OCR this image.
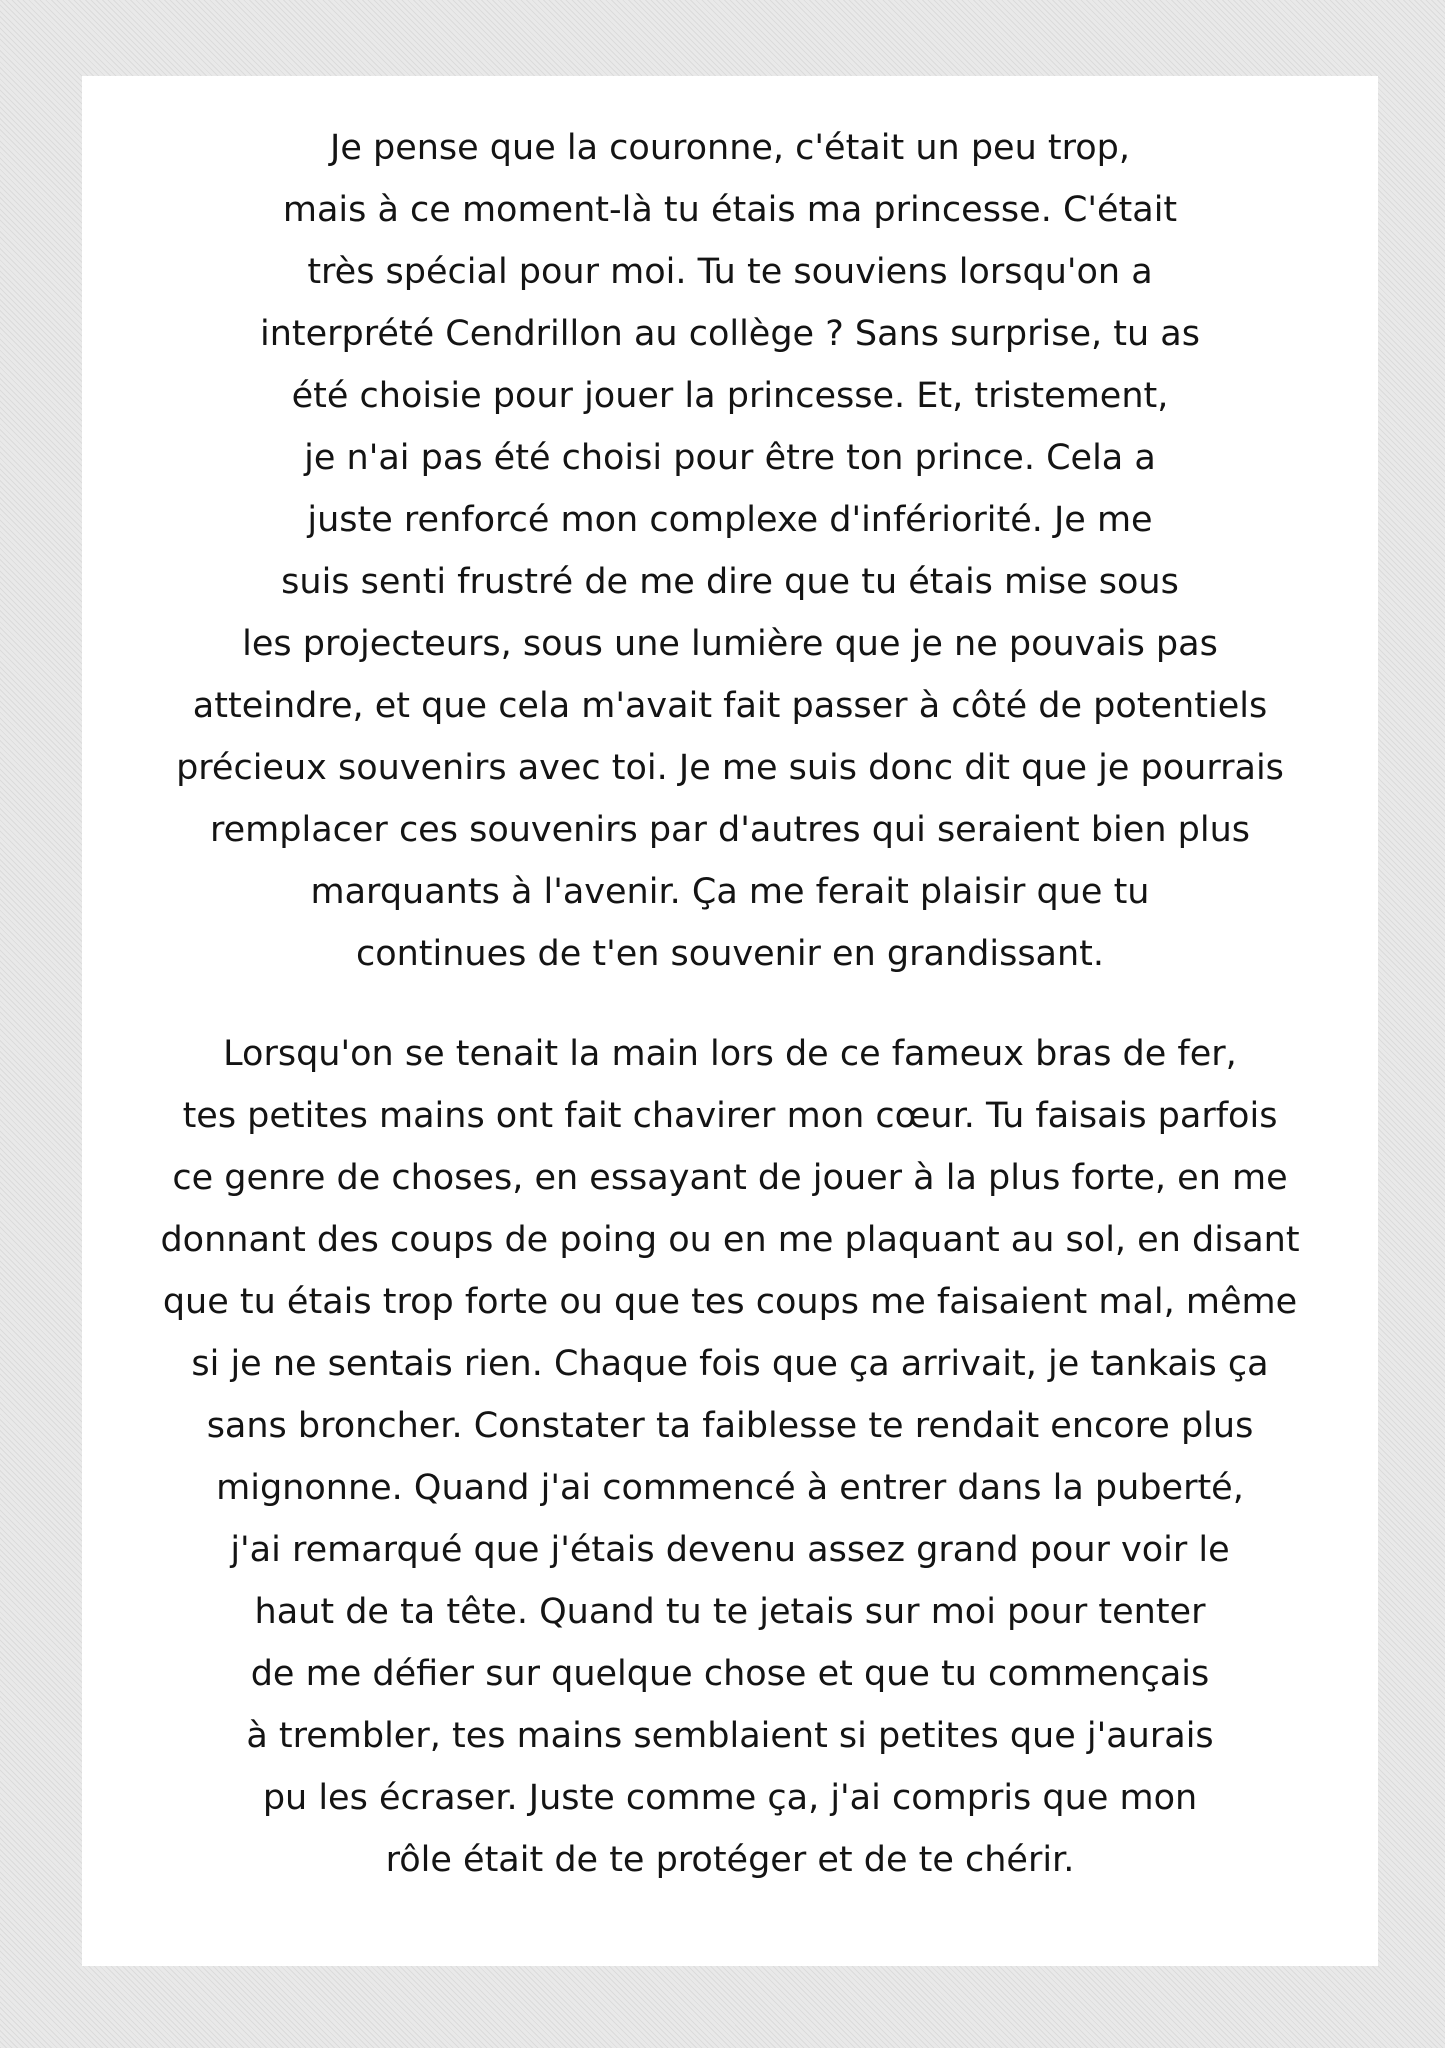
Je pense que la couronne, c'était un peu trop,
mais à ce moment-là tu étais ma princesse. C'était
très spécial pour moi. Tu te souviens lorsqu'on a
interprété Cendrillon au collège ? Sans surprise, tu as
été choisie pour jouer la princesse. Et, tristement,
je n'ai pas été choisi pour être ton prince. Cela a
juste renforcé mon complexe d'infériorité. Je me
suis senti frustré de me dire que tu étais mise sous
les projecteurs, sous une lumière que je ne pouvais pas
atteindre, et que cela m'avait fait passer à côté de potentiels
précieux souvenirs avec toi. Je me suis donc dit que je pourrais
remplacer ces souvenirs par d'autres qui seraient bien plus
marquants à l'avenir. Ça me ferait plaisir que tu
continues de t'en souvenir en grandissant.

Lorsqu'on se tenait la main lors de ce fameux bras de fer,
tes petites mains ont fait chavirer mon cœur. Tu faisais parfois
ce genre de choses, en essayant de jouer à la plus forte, en me
donnant des coups de poing ou en me plaquant au sol, en disant
que tu étais trop forte ou que tes coups me faisaient mal, même
si je ne sentais rien. Chaque fois que ça arrivait, je tankais ça
sans broncher. Constater ta faiblesse te rendait encore plus
mignonne. Quand j'ai commencé à entrer dans la puberté,
j'ai remarqué que j'étais devenu assez grand pour voir le
haut de ta tête. Quand tu te jetais sur moi pour tenter
de me défier sur quelque chose et que tu commençais
à trembler, tes mains semblaient si petites que j'aurais
pu les écraser. Juste comme ça, j'ai compris que mon
rôle était de te protéger et de te chérir.
